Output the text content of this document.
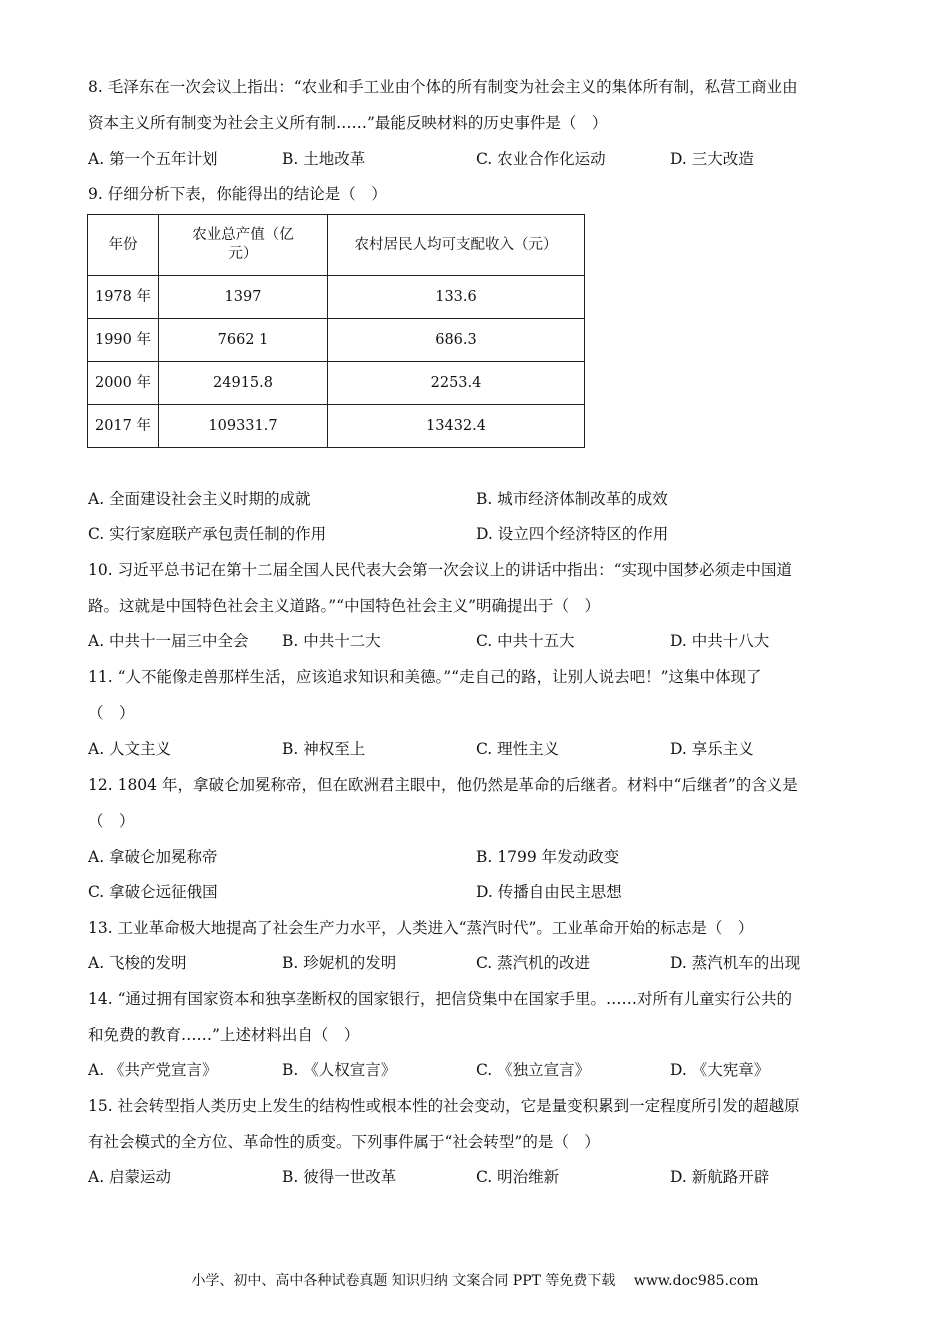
8. 毛泽东在一次会议上指出：“农业和手工业由个体的所有制变为社会主义的集体所有制，私营工商业由
资本主义所有制变为社会主义所有制……”最能反映材料的历史事件是（　）
A. 第一个五年计划	B. 土地改革	C. 农业合作化运动	D. 三大改造
9. 仔细分析下表，你能得出的结论是（　）
年份	农业总产值（亿元）	农村居民人均可支配收入（元）
1978 年	1397	133.6
1990 年	7662 1	686.3
2000 年	24915.8	2253.4
2017 年	109331.7	13432.4
A. 全面建设社会主义时期的成就	B. 城市经济体制改革的成效
C. 实行家庭联产承包责任制的作用	D. 设立四个经济特区的作用
10. 习近平总书记在第十二届全国人民代表大会第一次会议上的讲话中指出：“实现中国梦必须走中国道
路。这就是中国特色社会主义道路。”“中国特色社会主义”明确提出于（　）
A. 中共十一届三中全会 B. 中共十二大	C. 中共十五大	D. 中共十八大
11. “人不能像走兽那样生活，应该追求知识和美德。”“走自己的路，让别人说去吧！”这集中体现了
（　）
A. 人文主义	B. 神权至上	C. 理性主义	D. 享乐主义
12. 1804 年，拿破仑加冕称帝，但在欧洲君主眼中，他仍然是革命的后继者。材料中“后继者”的含义是
（　）
A. 拿破仑加冕称帝	B. 1799 年发动政变
C. 拿破仑远征俄国	D. 传播自由民主思想
13. 工业革命极大地提高了社会生产力水平，人类进入“蒸汽时代”。工业革命开始的标志是（　）
A. 飞梭的发明	B. 珍妮机的发明	C. 蒸汽机的改进	D. 蒸汽机车的出现
14. “通过拥有国家资本和独享垄断权的国家银行，把信贷集中在国家手里。……对所有儿童实行公共的
和免费的教育……”上述材料出自（　）
A. 《共产党宣言》	B. 《人权宣言》	C. 《独立宣言》	D. 《大宪章》
15. 社会转型指人类历史上发生的结构性或根本性的社会变动，它是量变积累到一定程度所引发的超越原
有社会模式的全方位、革命性的质变。下列事件属于“社会转型”的是（　）
A. 启蒙运动	B. 彼得一世改革	C. 明治维新	D. 新航路开辟
小学、初中、高中各种试卷真题 知识归纳 文案合同 PPT 等免费下载　 www.doc985.com
